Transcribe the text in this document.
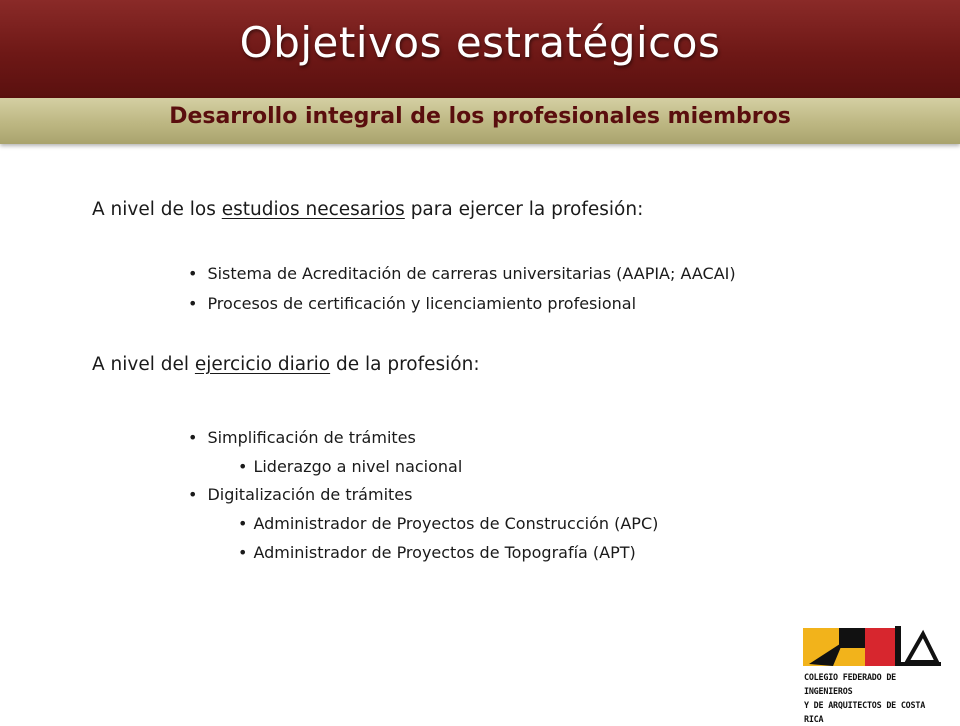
Objetivos estratégicos
Desarrollo integral de los profesionales miembros
A nivel de los estudios necesarios para ejercer la profesión:
• Sistema de Acreditación de carreras universitarias (AAPIA; AACAI)
• Procesos de certificación y licenciamiento profesional
A nivel del ejercicio diario de la profesión:
• Simplificación de trámites
• Liderazgo a nivel nacional
• Digitalización de trámites
• Administrador de Proyectos de Construcción (APC)
• Administrador de Proyectos de Topografía (APT)
COLEGIO FEDERADO DE INGENIEROS
Y DE ARQUITECTOS DE COSTA RICA
